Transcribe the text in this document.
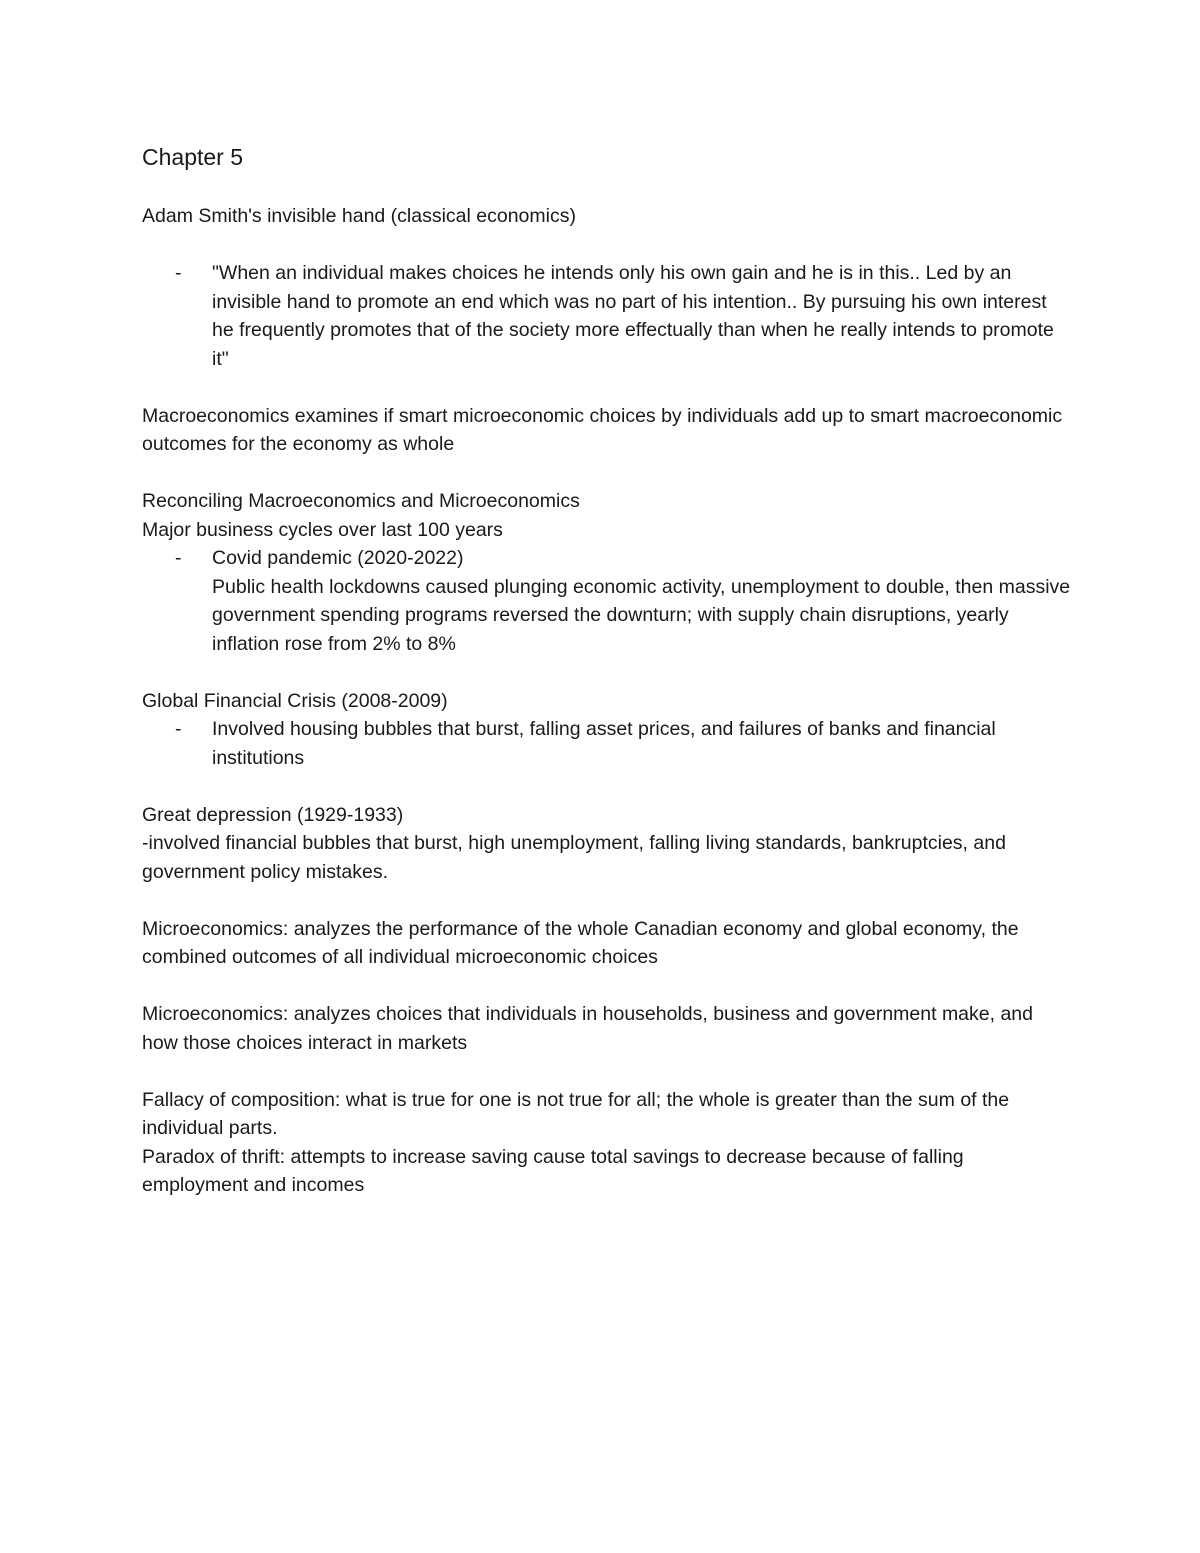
Chapter 5

Adam Smith's invisible hand (classical economics)

- "When an individual makes choices he intends only his own gain and he is in this.. Led by an invisible hand to promote an end which was no part of his intention.. By pursuing his own interest he frequently promotes that of the society more effectually than when he really intends to promote it"

Macroeconomics examines if smart microeconomic choices by individuals add up to smart macroeconomic outcomes for the economy as whole

Reconciling Macroeconomics and Microeconomics

Major business cycles over last 100 years

- Covid pandemic (2020-2022)
Public health lockdowns caused plunging economic activity, unemployment to double, then massive government spending programs reversed the downturn; with supply chain disruptions, yearly inflation rose from 2% to 8%

Global Financial Crisis (2008-2009)

- Involved housing bubbles that burst, falling asset prices, and failures of banks and financial institutions

Great depression (1929-1933)

-involved financial bubbles that burst, high unemployment, falling living standards, bankruptcies, and government policy mistakes.

Microeconomics: analyzes the performance of the whole Canadian economy and global economy, the combined outcomes of all individual microeconomic choices

Microeconomics: analyzes choices that individuals in households, business and government make, and how those choices interact in markets

Fallacy of composition: what is true for one is not true for all; the whole is greater than the sum of the individual parts.

Paradox of thrift: attempts to increase saving cause total savings to decrease because of falling employment and incomes
